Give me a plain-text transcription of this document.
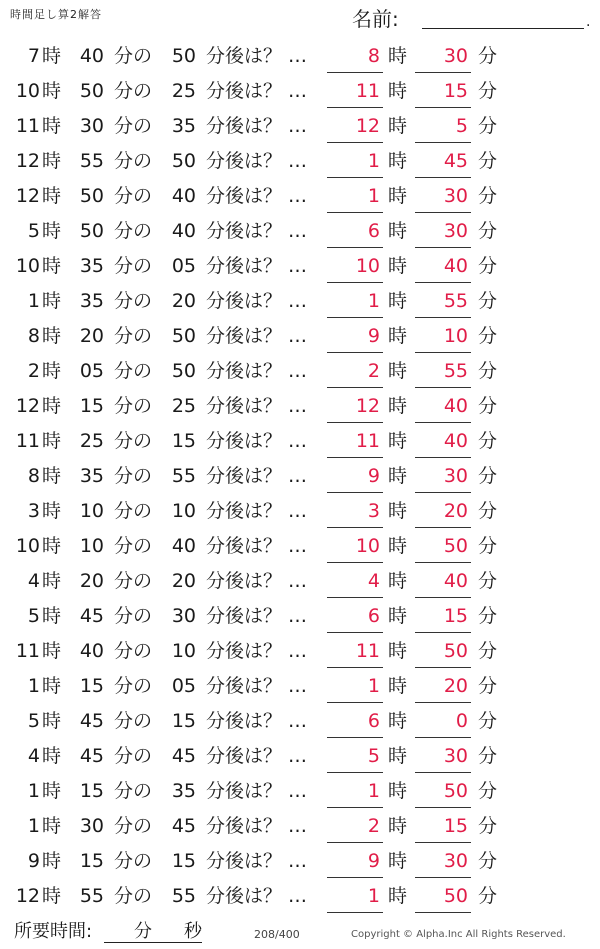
時間足し算2解答	名前:	.
7 時 40 分の 50 分後は？ …	8 時	30 分
10 時 50 分の 25 分後は？ …	11 時	15 分
11 時 30 分の 35 分後は？ …	12 時	5 分
12 時 55 分の 50 分後は？ …	1 時	45 分
12 時 50 分の 40 分後は？ …	1 時	30 分
5 時 50 分の 40 分後は？ …	6 時	30 分
10 時 35 分の 05 分後は？ …	10 時	40 分
1 時 35 分の 20 分後は？ …	1 時	55 分
8 時 20 分の 50 分後は？ …	9 時	10 分
2 時 05 分の 50 分後は？ …	2 時	55 分
12 時 15 分の 25 分後は？ …	12 時	40 分
11 時 25 分の 15 分後は？ …	11 時	40 分
8 時 35 分の 55 分後は？ …	9 時	30 分
3 時 10 分の 10 分後は？ …	3 時	20 分
10 時 10 分の 40 分後は？ …	10 時	50 分
4 時 20 分の 20 分後は？ …	4 時	40 分
5 時 45 分の 30 分後は？ …	6 時	15 分
11 時 40 分の 10 分後は？ …	11 時	50 分
1 時 15 分の 05 分後は？ …	1 時	20 分
5 時 45 分の 15 分後は？ …	6 時	0 分
4 時 45 分の 45 分後は？ …	5 時	30 分
1 時 15 分の 35 分後は？ …	1 時	50 分
1 時 30 分の 45 分後は？ …	2 時	15 分
9 時 15 分の 15 分後は？ …	9 時	30 分
12 時 55 分の 55 分後は？ …	1 時	50 分
所要時間: 分 秒	208/400	Copyright © Alpha.Inc All Rights Reserved.
